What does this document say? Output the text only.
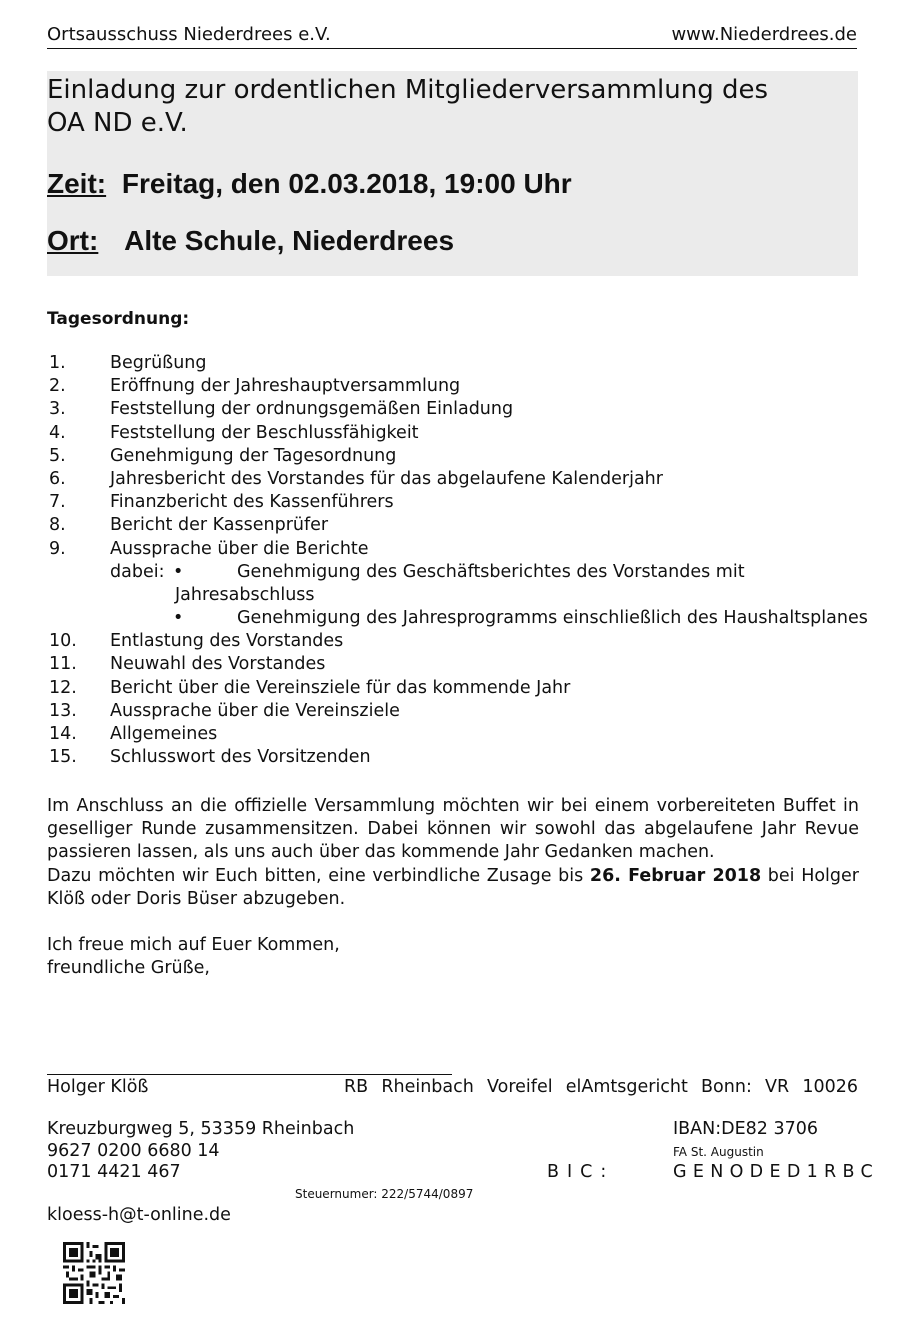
Ortsausschuss Niederdrees e.V.	www.Niederdrees.de
Einladung zur ordentlichen Mitgliederversammlung des OA ND e.V.
Zeit: Freitag, den 02.03.2018, 19:00 Uhr
Ort: Alte Schule, Niederdrees
Tagesordnung:
1.	Begrüßung
2.	Eröffnung der Jahreshauptversammlung
3.	Feststellung der ordnungsgemäßen Einladung
4.	Feststellung der Beschlussfähigkeit
5.	Genehmigung der Tagesordnung
6.	Jahresbericht des Vorstandes für das abgelaufene Kalenderjahr
7.	Finanzbericht des Kassenführers
8.	Bericht der Kassenprüfer
9.	Aussprache über die Berichte
dabei: •	Genehmigung des Geschäftsberichtes des Vorstandes mit
Jahresabschluss
•	Genehmigung des Jahresprogramms einschließlich des Haushaltsplanes
10. Entlastung des Vorstandes
11. Neuwahl des Vorstandes
12. Bericht über die Vereinsziele für das kommende Jahr
13. Aussprache über die Vereinsziele
14. Allgemeines
15. Schlusswort des Vorsitzenden

Im Anschluss an die offizielle Versammlung möchten wir bei einem vorbereiteten Buffet in geselliger Runde zusammensitzen. Dabei können wir sowohl das abgelaufene Jahr Revue passieren lassen, als uns auch über das kommende Jahr Gedanken machen.

Dazu möchten wir Euch bitten, eine verbindliche Zusage bis 26. Februar 2018 bei Holger Klöß oder Doris Büser abzugeben.

Ich freue mich auf Euer Kommen,
freundliche Grüße,
Holger Klöß	RB Rheinbach Voreifel elAmtsgericht Bonn: VR 10026
Kreuzburgweg 5, 53359 Rheinbach	IBAN:DE82 3706
9627 0200 6680 14	FA St. Augustin
0171 4421 467	BIC:	GENODED1RBC
Steuernumer: 222/5744/0897
kloess-h@t-online.de
